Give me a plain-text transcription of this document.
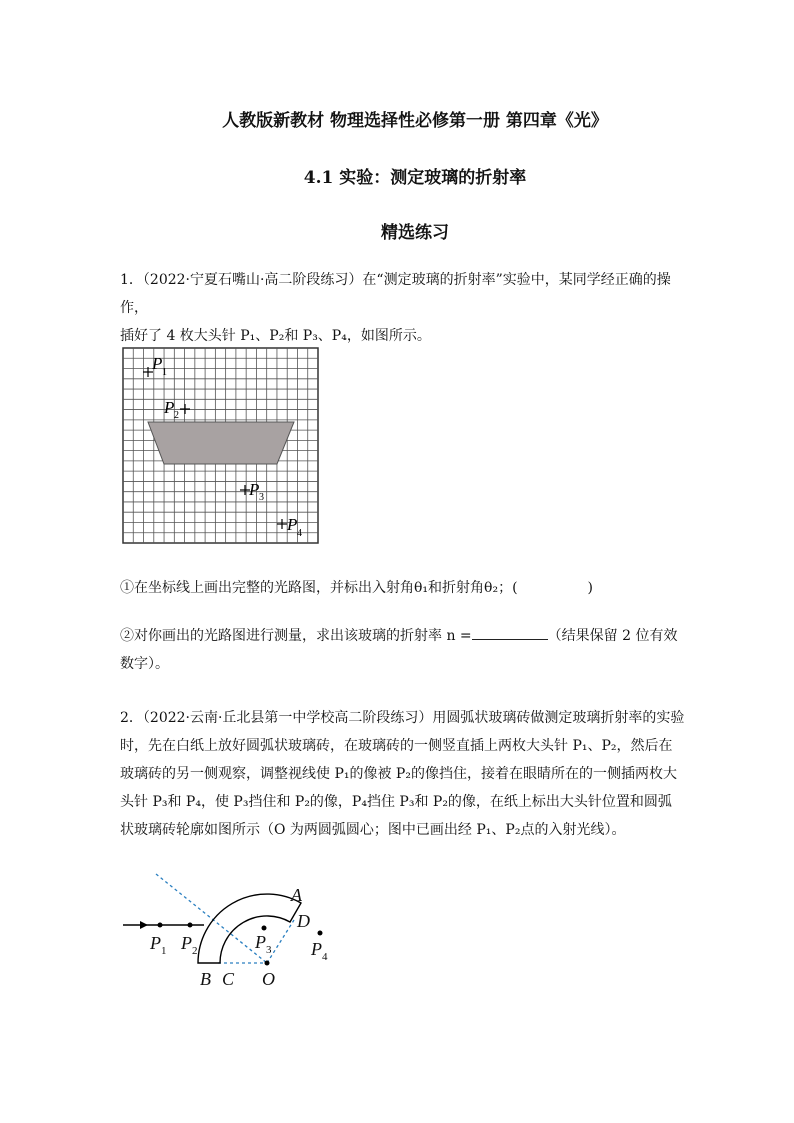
人教版新教材 物理选择性必修第一册 第四章《光》
4.1 实验：测定玻璃的折射率
精选练习
1．（2022·宁夏石嘴山·高二阶段练习）在“测定玻璃的折射率”实验中，某同学经正确的操作，
插好了 4 枚大头针 P₁、P₂和 P₃、P₄，如图所示。
P 1
P 2
P 3
P 4
①在坐标线上画出完整的光路图，并标出入射角θ₁和折射角θ₂；(	)
②对你画出的光路图进行测量，求出该玻璃的折射率 n =	（结果保留 2 位有效
数字）。
2．（2022·云南·丘北县第一中学校高二阶段练习）用圆弧状玻璃砖做测定玻璃折射率的实验
时，先在白纸上放好圆弧状玻璃砖，在玻璃砖的一侧竖直插上两枚大头针 P₁、P₂，然后在
玻璃砖的另一侧观察，调整视线使 P₁的像被 P₂的像挡住，接着在眼睛所在的一侧插两枚大
头针 P₃和 P₄，使 P₃挡住和 P₂的像，P₄挡住 P₃和 P₂的像，在纸上标出大头针位置和圆弧
状玻璃砖轮廓如图所示（O 为两圆弧圆心；图中已画出经 P₁、P₂点的入射光线）。
P 1 P 2	P 3 P 4
A
D
B C O
